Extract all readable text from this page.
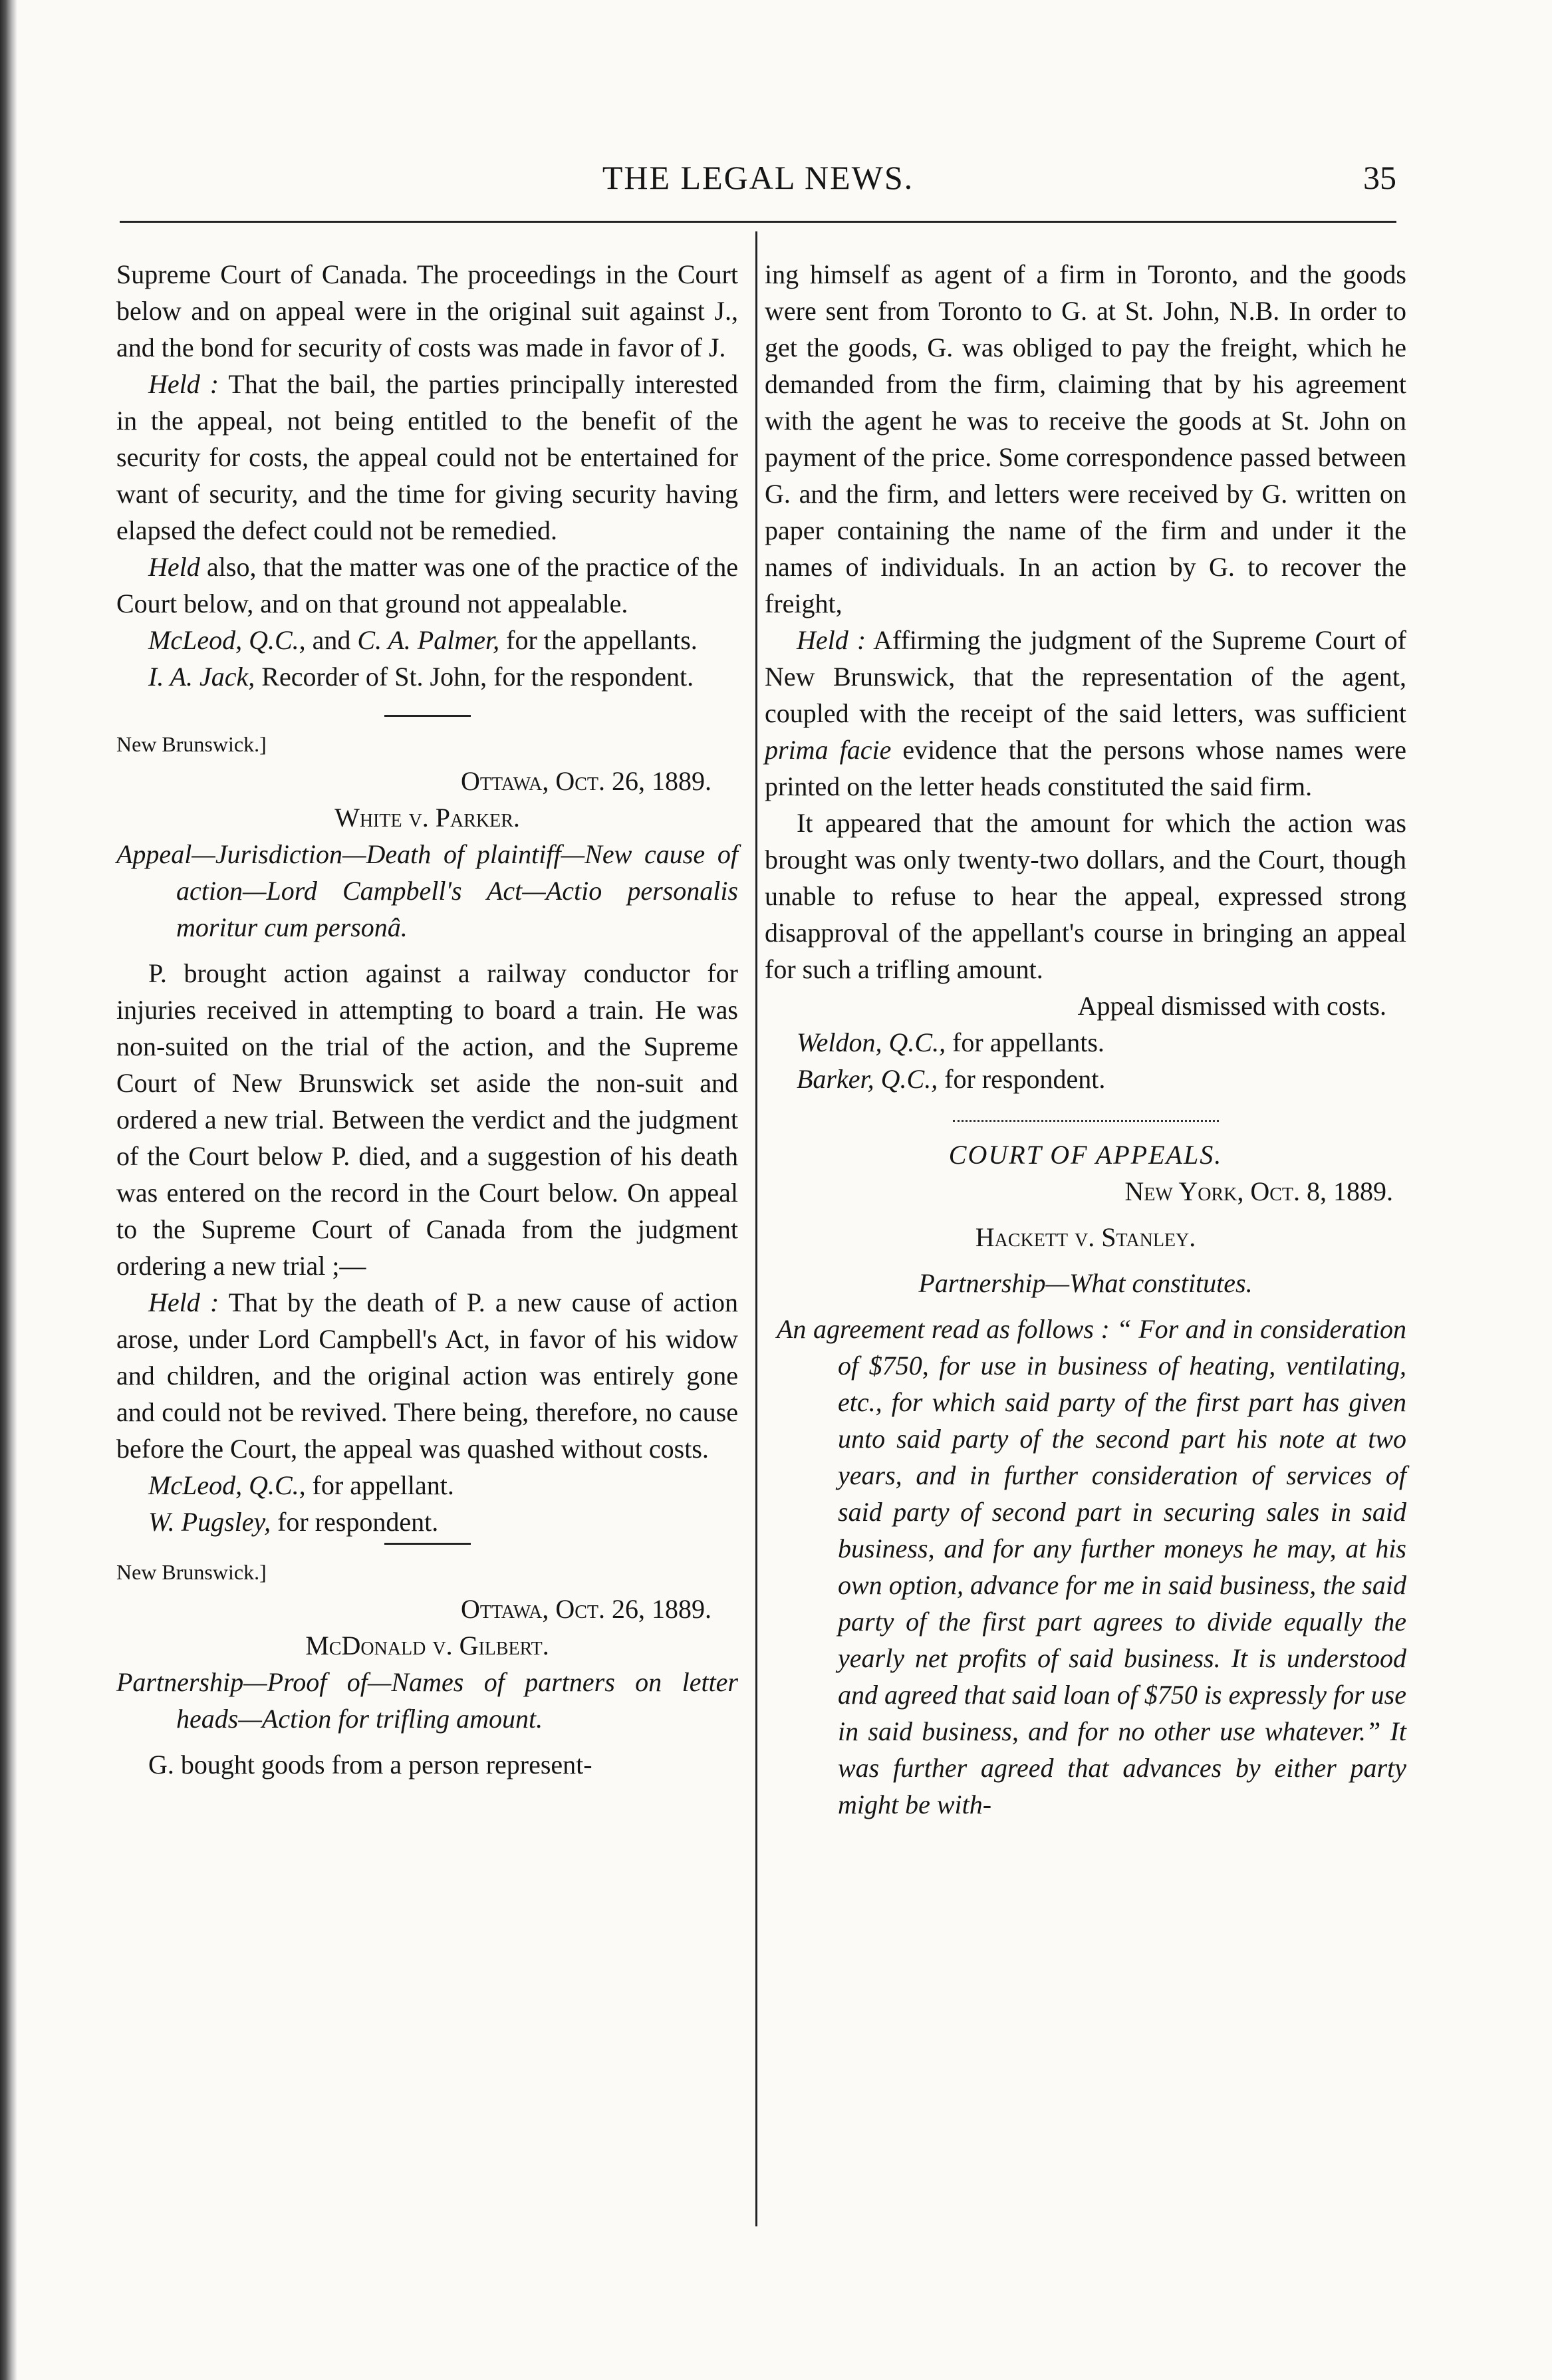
THE LEGAL NEWS.	35

Supreme Court of Canada. The proceedings in the Court below and on appeal were in the original suit against J., and the bond for security of costs was made in favor of J.

Held : That the bail, the parties principally interested in the appeal, not being entitled to the benefit of the security for costs, the appeal could not be entertained for want of security, and the time for giving security having elapsed the defect could not be remedied.

Held also, that the matter was one of the practice of the Court below, and on that ground not appealable.

McLeod, Q.C., and C. A. Palmer, for the appellants.

I. A. Jack, Recorder of St. John, for the respondent.

New Brunswick.]

Ottawa, Oct. 26, 1889.

White v. Parker.

Appeal—Jurisdiction—Death of plaintiff—New cause of action—Lord Campbell's Act—Actio personalis moritur cum personâ.

P. brought action against a railway conductor for injuries received in attempting to board a train. He was non-suited on the trial of the action, and the Supreme Court of New Brunswick set aside the non-suit and ordered a new trial. Between the verdict and the judgment of the Court below P. died, and a suggestion of his death was entered on the record in the Court below. On appeal to the Supreme Court of Canada from the judgment ordering a new trial ;—

Held : That by the death of P. a new cause of action arose, under Lord Campbell's Act, in favor of his widow and children, and the original action was entirely gone and could not be revived. There being, therefore, no cause before the Court, the appeal was quashed without costs.

McLeod, Q.C., for appellant.

W. Pugsley, for respondent.

New Brunswick.]

Ottawa, Oct. 26, 1889.

McDonald v. Gilbert.

Partnership—Proof of—Names of partners on letter heads—Action for trifling amount.

G. bought goods from a person represent-

ing himself as agent of a firm in Toronto, and the goods were sent from Toronto to G. at St. John, N.B. In order to get the goods, G. was obliged to pay the freight, which he demanded from the firm, claiming that by his agreement with the agent he was to receive the goods at St. John on payment of the price. Some correspondence passed between G. and the firm, and letters were received by G. written on paper containing the name of the firm and under it the names of individuals. In an action by G. to recover the freight,

Held : Affirming the judgment of the Supreme Court of New Brunswick, that the representation of the agent, coupled with the receipt of the said letters, was sufficient prima facie evidence that the persons whose names were printed on the letter heads constituted the said firm.

It appeared that the amount for which the action was brought was only twenty-two dollars, and the Court, though unable to refuse to hear the appeal, expressed strong disapproval of the appellant's course in bringing an appeal for such a trifling amount.

Appeal dismissed with costs.

Weldon, Q.C., for appellants.

Barker, Q.C., for respondent.

COURT OF APPEALS.

New York, Oct. 8, 1889.

Hackett v. Stanley.

Partnership—What constitutes.

An agreement read as follows : “ For and in consideration of $750, for use in business of heating, ventilating, etc., for which said party of the first part has given unto said party of the second part his note at two years, and in further consideration of services of said party of second part in securing sales in said business, and for any further moneys he may, at his own option, advance for me in said business, the said party of the first part agrees to divide equally the yearly net profits of said business. It is understood and agreed that said loan of $750 is expressly for use in said business, and for no other use whatever.” It was further agreed that advances by either party might be with-
